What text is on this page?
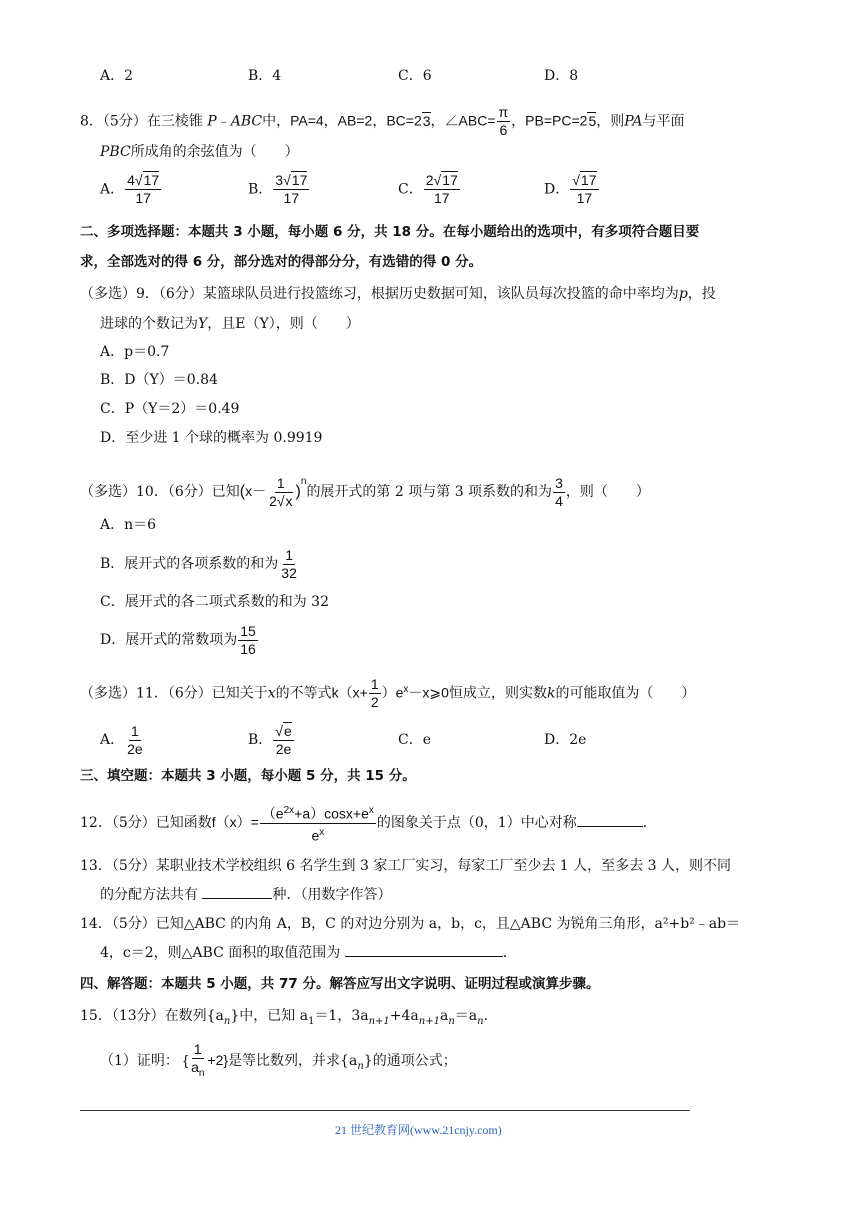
A．2	B．4	C．6	D．8
8．（5分）在三棱锥 P﹣ABC中，PA=4，AB=2，BC=23，∠ABC= $\frac{\pi}{6}$ ，PB=PC=25，则PA与平面
PBC所成角的余弦值为（　　）
A． $\frac{4√17}{17}$	B． $\frac{3√17}{17}$	C． $\frac{2√17}{17}$	D． $\frac{√17}{17}$
二、多项选择题：本题共 3 小题，每小题 6 分，共 18 分。在每小题给出的选项中，有多项符合题目要
求，全部选对的得 6 分，部分选对的得部分分，有选错的得 0 分。
（多选）9．（6分）某篮球队员进行投篮练习，根据历史数据可知，该队员每次投篮的命中率均为p，投
进球的个数记为Y，且E（Y），则（　　）
A．p＝0.7
B．D（Y）＝0.84
C．P（Y＝2）＝0.49
D．至少进 1 个球的概率为 0.9919
（多选）10．（6分）已知$(x- \frac{1}{2√x} )^n$的展开式的第 2 项与第 3 项系数的和为 $\frac{3}{4}$ ，则（　　）
A．n＝6
B．展开式的各项系数的和为 $\frac{1}{32}$
C．展开式的各二项式系数的和为 32
D．展开式的常数项为 $\frac{15}{16}$
（多选）11．（6分）已知关于x的不等式$k(x+ \frac{1}{2}$ ）$e^x-x⩾0$恒成立，则实数k的可能取值为（　　）
A． $\frac{1}{2e}$	B． $\frac{√e}{2e}$	C．e	D．2e
三、填空题：本题共 3 小题，每小题 5 分，共 15 分。
12．（5分）已知函数$f(x)= \frac{(e^{2x}+a)\cos x+e^x}{e^x}$ 的图象关于点（0，1）中心对称	.
13．（5分）某职业技术学校组织 6 名学生到 3 家工厂实习，每家工厂至少去 1 人，至多去 3 人，则不同
的分配方法共有	种．（用数字作答）
14．（5分）已知△ABC 的内角 A，B，C 的对边分别为 a，b，c，且△ABC 为锐角三角形，a²+b²﹣ab＝
4，c＝2，则△ABC 面积的取值范围为	.
四、解答题：本题共 5 小题，共 77 分。解答应写出文字说明、证明过程或演算步骤。
15．（13分）在数列$\{a_n\}$中，已知 $a_1=1$，$3a_{n+1}+4a_{n+1}a_n=a_n$.
（1）证明： { $\frac{1}{a_n} +2$}是等比数列，并求$\{a_n\}$的通项公式；
21 世纪教育网(www.21cnjy.com)
